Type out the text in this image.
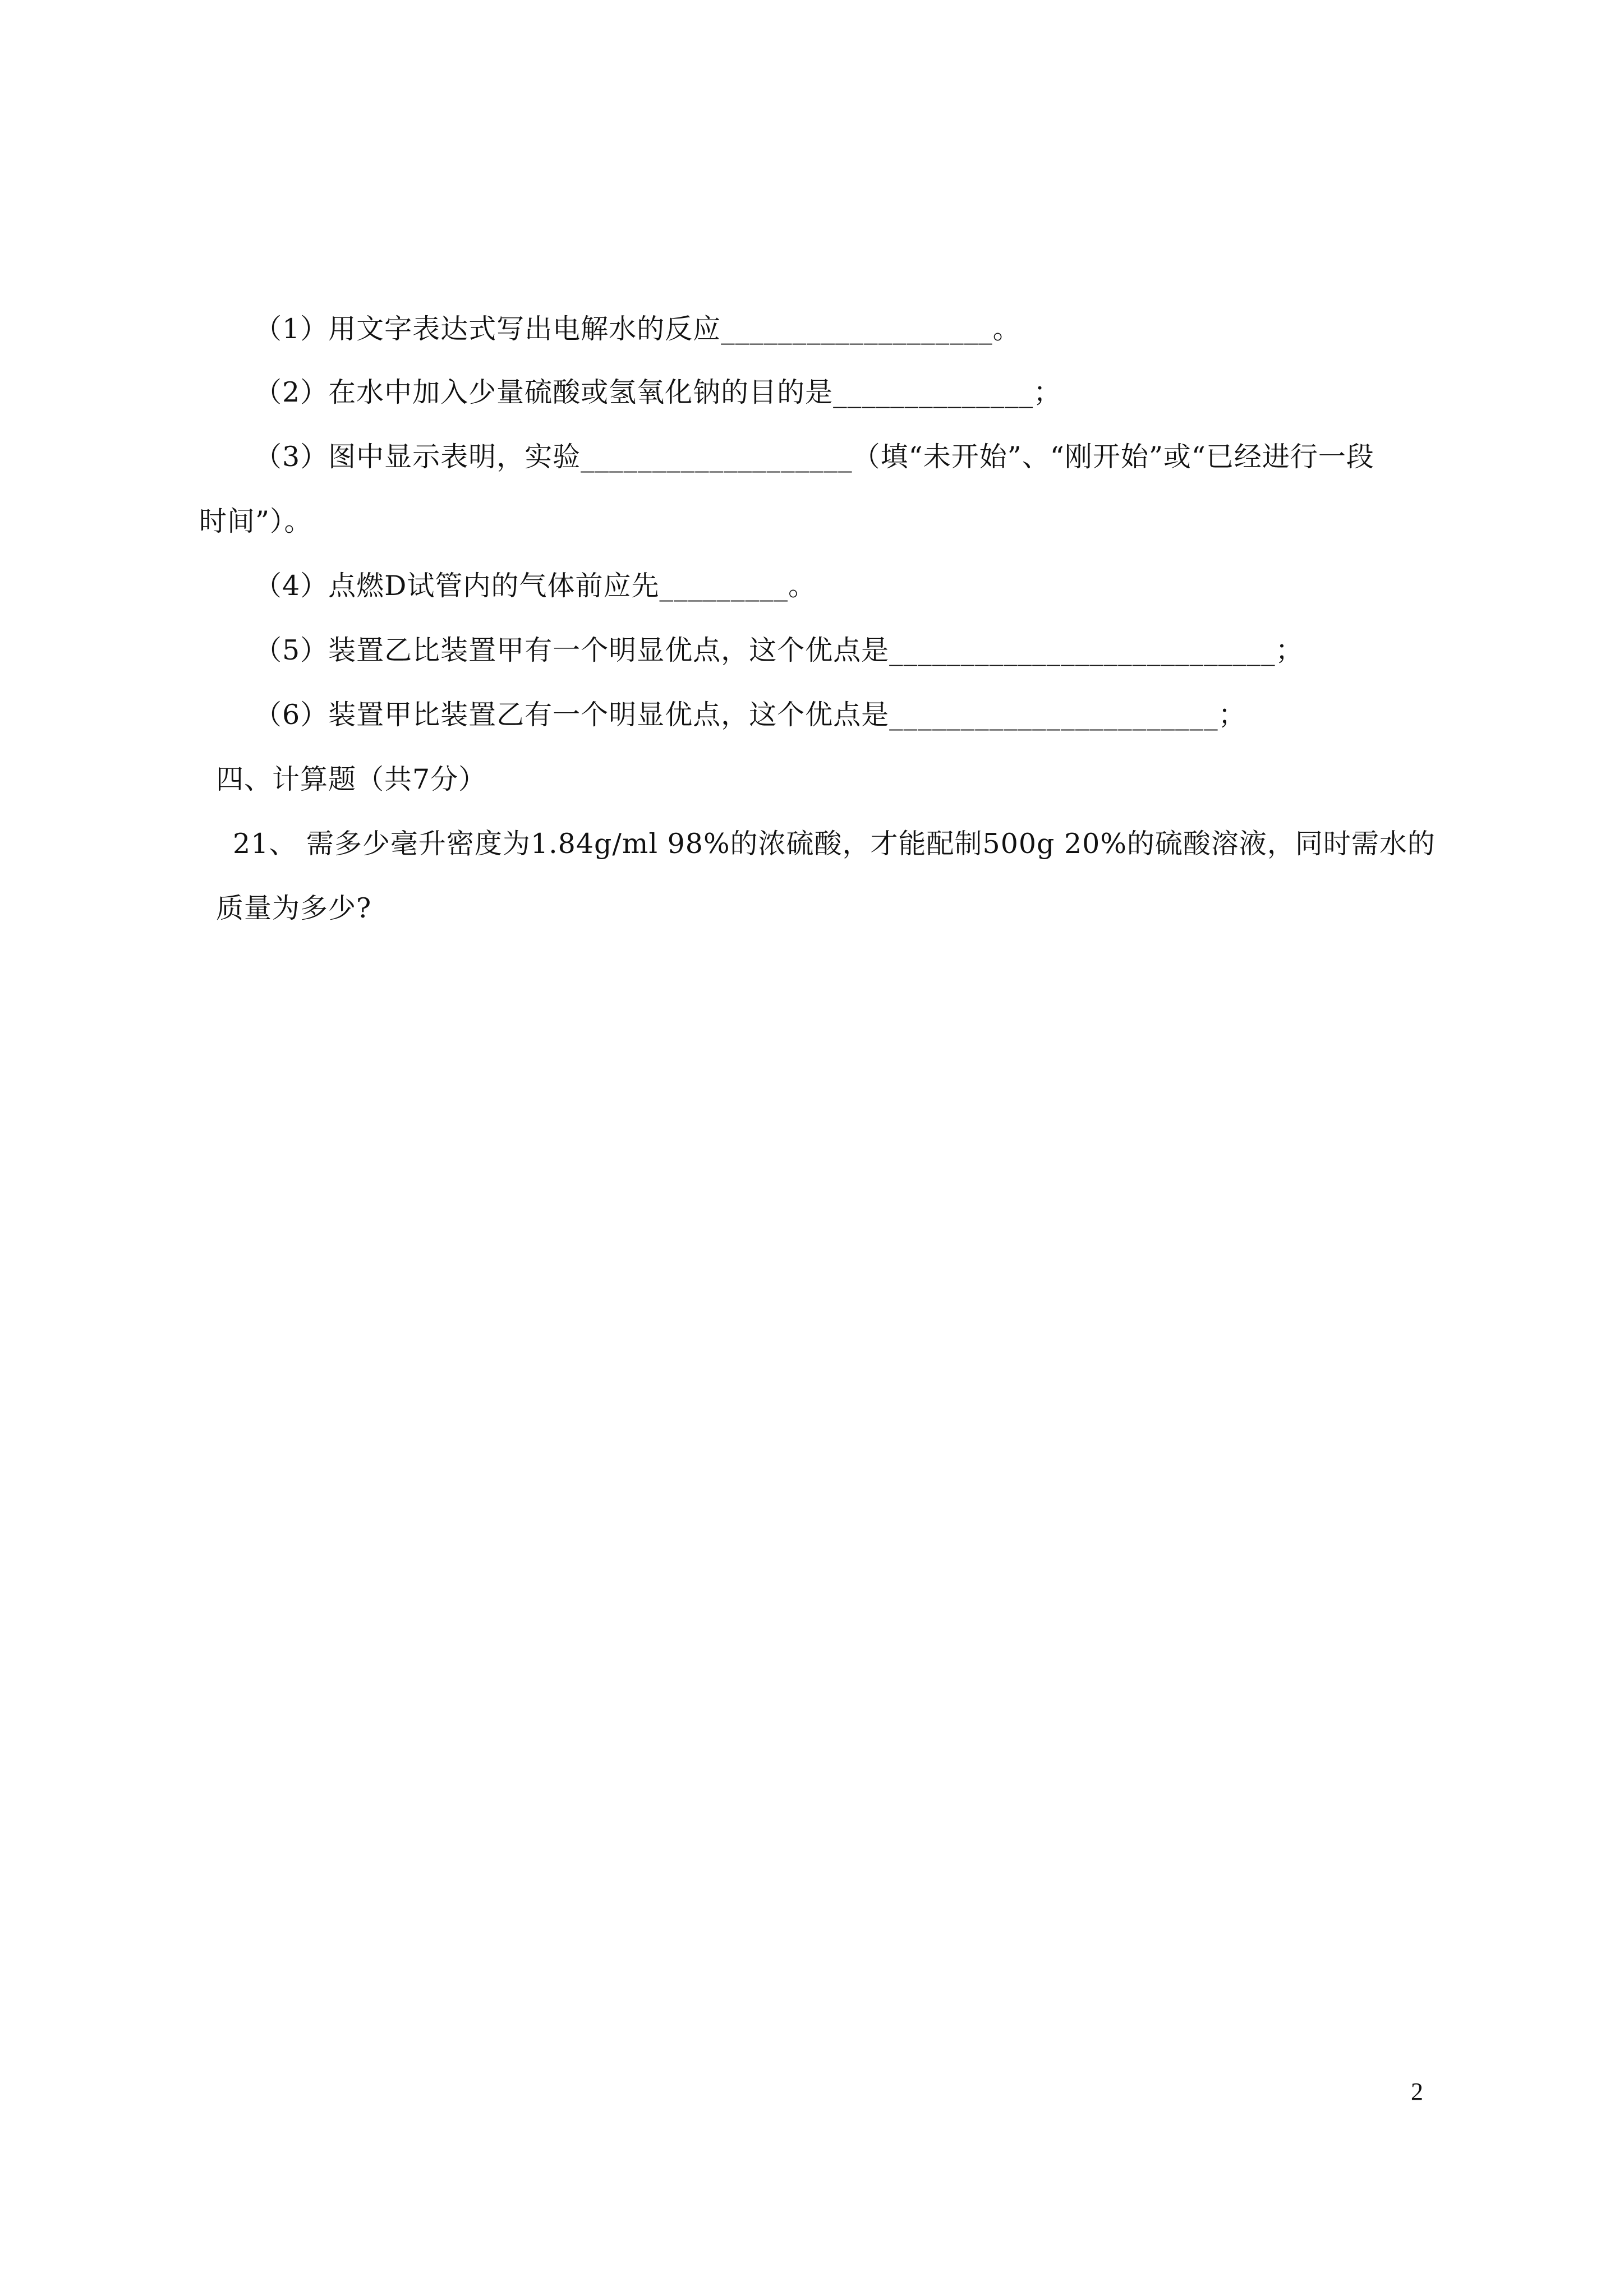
（1）用文字表达式写出电解水的反应___________________。
（2）在水中加入少量硫酸或氢氧化钠的目的是______________；
（3）图中显示表明，实验___________________（填“未开始”、“刚开始”或“已经进行一段
时间”）。
（4）点燃D试管内的气体前应先_________。
（5）装置乙比装置甲有一个明显优点，这个优点是___________________________；
（6）装置甲比装置乙有一个明显优点，这个优点是_______________________；
四、计算题（共7分）
21、 需多少毫升密度为1.84g/ml 98%的浓硫酸，才能配制500g 20%的硫酸溶液，同时需水的
质量为多少?
2
